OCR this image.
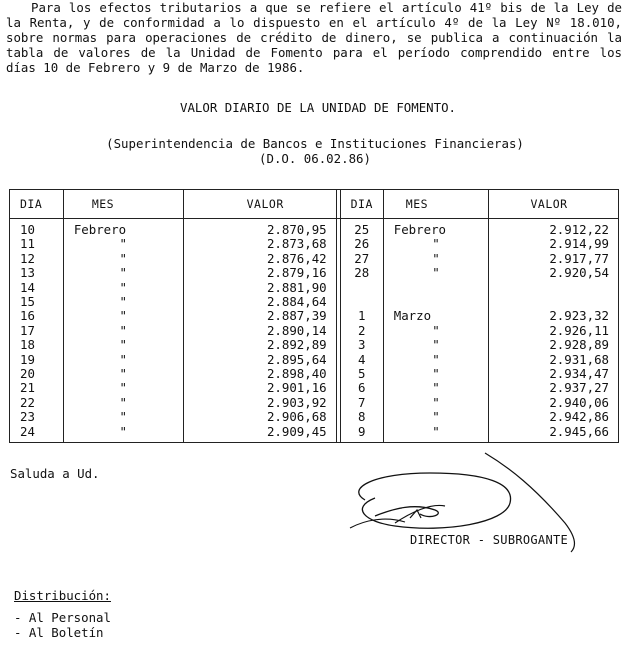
Para los efectos tributarios a que se refiere el artículo 41º bis de la Ley de la Renta, y de conformidad a lo dispuesto en el artículo 4º de la Ley Nº 18.010, sobre normas para operaciones de crédito de dinero, se publica a continuación la tabla de valores de la Unidad de Fomento para el período comprendido entre los días 10 de Febrero y 9 de Marzo de 1986.

VALOR DIARIO DE LA UNIDAD DE FOMENTO.

(Superintendencia de Bancos e Instituciones Financieras)
(D.O. 06.02.86)
DIA	MES	VALOR		DIA	MES	VALOR
10	Febrero	2.870,95		25	Febrero	2.912,22
11	"	2.873,68		26	"	2.914,99
12	"	2.876,42		27	"	2.917,77
13	"	2.879,16		28	"	2.920,54
14	"	2.881,90				
15	"	2.884,64				
16	"	2.887,39		1	Marzo	2.923,32
17	"	2.890,14		2	"	2.926,11
18	"	2.892,89		3	"	2.928,89
19	"	2.895,64		4	"	2.931,68
20	"	2.898,40		5	"	2.934,47
21	"	2.901,16		6	"	2.937,27
22	"	2.903,92		7	"	2.940,06
23	"	2.906,68		8	"	2.942,86
24	"	2.909,45		9	"	2.945,66

Saluda a Ud.

DIRECTOR - SUBROGANTE

Distribución:

- Al Personal
- Al Boletín
